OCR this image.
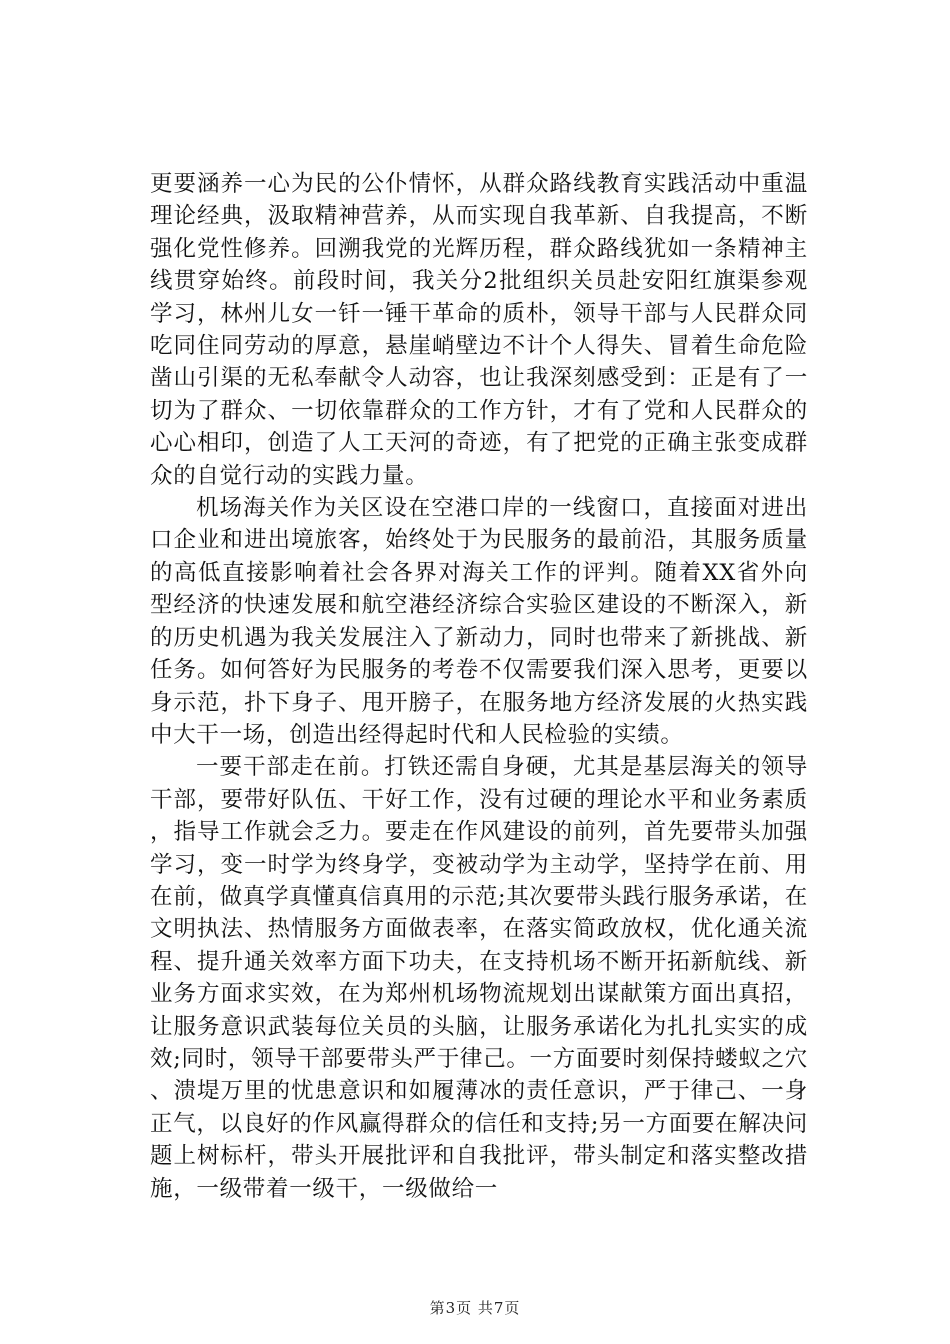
更要涵养一心为民的公仆情怀，从群众路线教育实践活动中重温理论经典，汲取精神营养，从而实现自我革新、自我提高，不断强化党性修养。回溯我党的光辉历程，群众路线犹如一条精神主线贯穿始终。前段时间，我关分2批组织关员赴安阳红旗渠参观学习，林州儿女一钎一锤干革命的质朴，领导干部与人民群众同吃同住同劳动的厚意，悬崖峭壁边不计个人得失、冒着生命危险凿山引渠的无私奉献令人动容，也让我深刻感受到：正是有了一切为了群众、一切依靠群众的工作方针，才有了党和人民群众的心心相印，创造了人工天河的奇迹，有了把党的正确主张变成群众的自觉行动的实践力量。

机场海关作为关区设在空港口岸的一线窗口，直接面对进出口企业和进出境旅客，始终处于为民服务的最前沿，其服务质量的高低直接影响着社会各界对海关工作的评判。随着XX省外向型经济的快速发展和航空港经济综合实验区建设的不断深入，新的历史机遇为我关发展注入了新动力，同时也带来了新挑战、新任务。如何答好为民服务的考卷不仅需要我们深入思考，更要以身示范，扑下身子、甩开膀子，在服务地方经济发展的火热实践中大干一场，创造出经得起时代和人民检验的实绩。

一要干部走在前。打铁还需自身硬，尤其是基层海关的领导干部，要带好队伍、干好工作，没有过硬的理论水平和业务素质，指导工作就会乏力。要走在作风建设的前列，首先要带头加强学习，变一时学为终身学，变被动学为主动学，坚持学在前、用在前，做真学真懂真信真用的示范;其次要带头践行服务承诺，在文明执法、热情服务方面做表率，在落实简政放权，优化通关流程、提升通关效率方面下功夫，在支持机场不断开拓新航线、新业务方面求实效，在为郑州机场物流规划出谋献策方面出真招，让服务意识武装每位关员的头脑，让服务承诺化为扎扎实实的成效;同时，领导干部要带头严于律己。一方面要时刻保持蝼蚁之穴、溃堤万里的忧患意识和如履薄冰的责任意识，严于律己、一身正气，以良好的作风赢得群众的信任和支持;另一方面要在解决问题上树标杆，带头开展批评和自我批评，带头制定和落实整改措施，一级带着一级干，一级做给一

第3页 共7页
